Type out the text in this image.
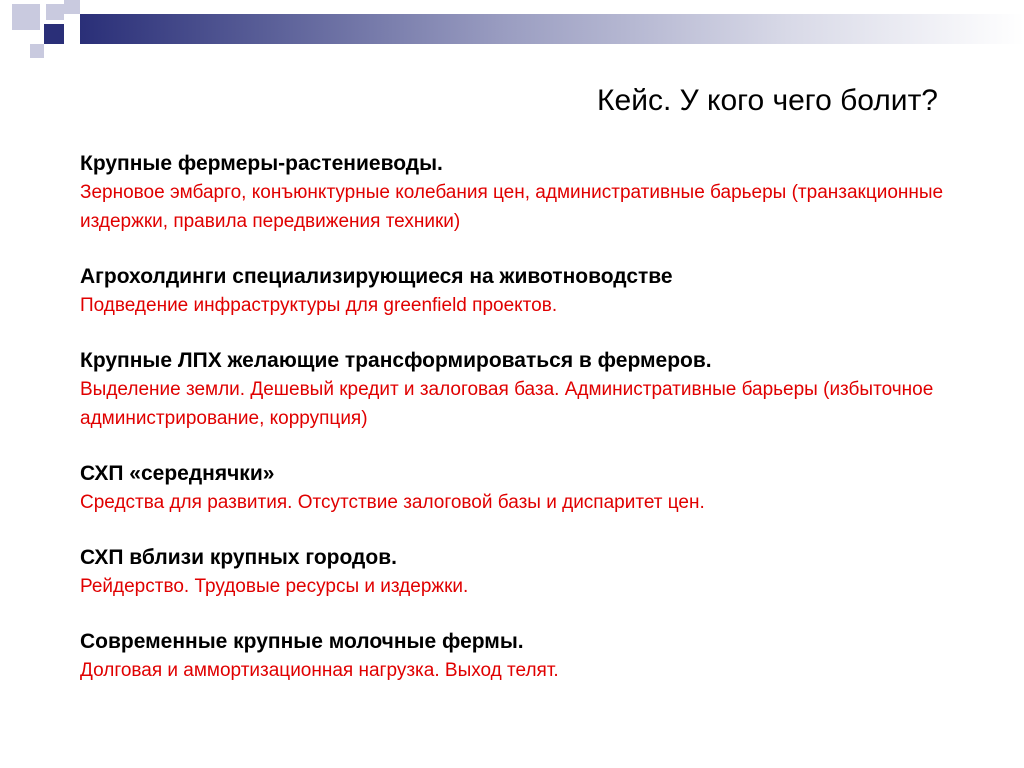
Кейс. У кого чего болит?

Крупные фермеры-растениеводы.

Зерновое эмбарго, конъюнктурные колебания цен, административные барьеры (транзакционные издержки, правила передвижения техники)

Агрохолдинги специализирующиеся на животноводстве

Подведение инфраструктуры для greenfield проектов.

Крупные ЛПХ желающие трансформироваться в фермеров.

Выделение земли. Дешевый кредит и залоговая база. Административные барьеры (избыточное администрирование, коррупция)

СХП «середнячки»

Средства для развития. Отсутствие залоговой базы и диспаритет цен.

СХП вблизи крупных городов.

Рейдерство. Трудовые ресурсы и издержки.

Современные крупные молочные фермы.

Долговая и аммортизационная нагрузка. Выход телят.
